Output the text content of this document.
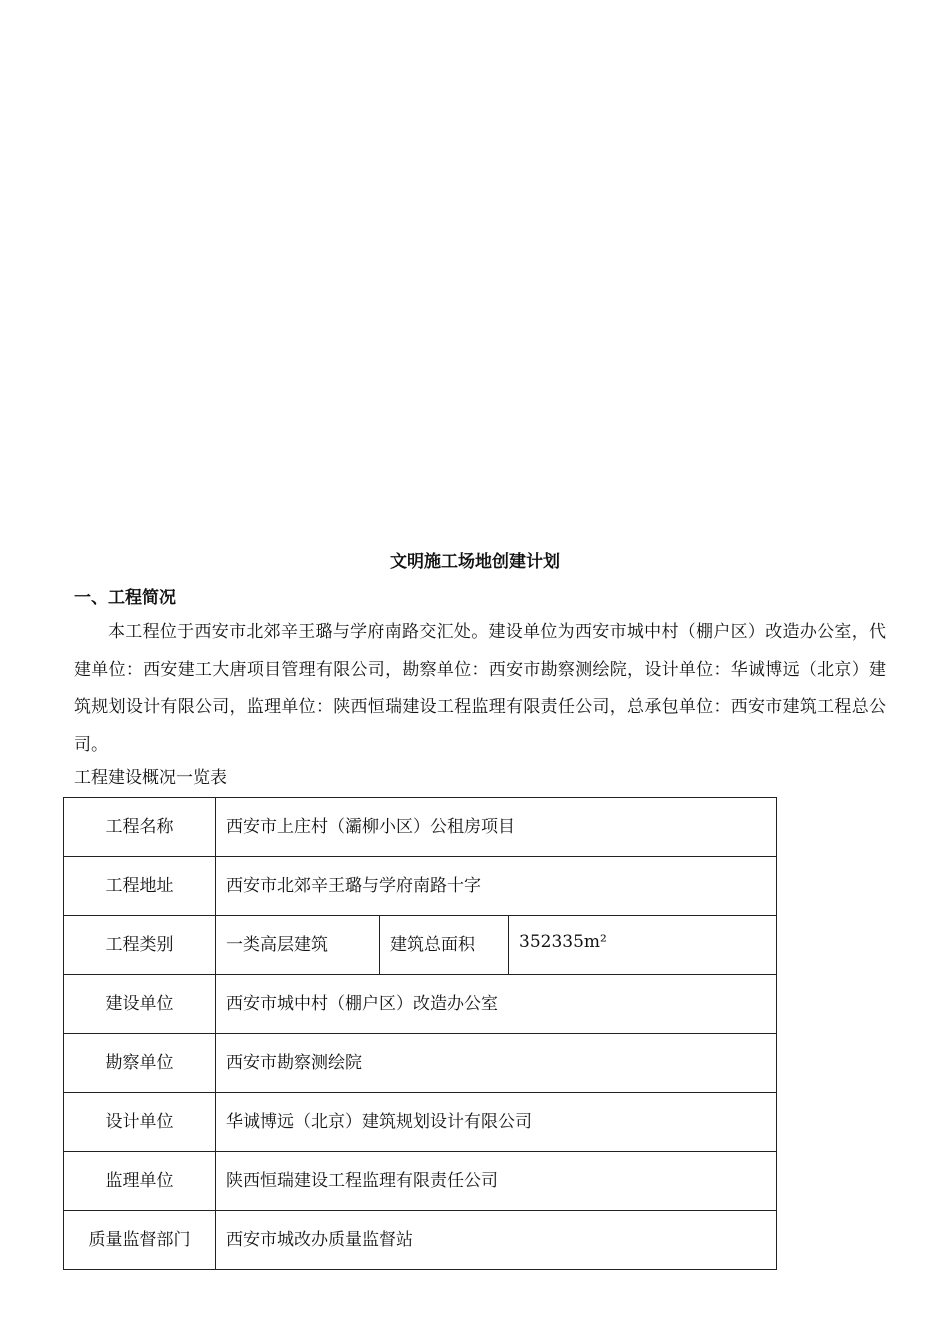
文明施工场地创建计划
一、工程简况

本工程位于西安市北郊辛王璐与学府南路交汇处。建设单位为西安市城中村（棚户区）改造办公室，代建单位：西安建工大唐项目管理有限公司，勘察单位：西安市勘察测绘院，设计单位：华诚博远（北京）建筑规划设计有限公司，监理单位：陕西恒瑞建设工程监理有限责任公司，总承包单位：西安市建筑工程总公司。

工程建设概况一览表
工程名称	西安市上庄村（灞柳小区）公租房项目		
工程地址	西安市北郊辛王璐与学府南路十字		
工程类别	一类高层建筑	建筑总面积	352335m²
建设单位	西安市城中村（棚户区）改造办公室		
勘察单位	西安市勘察测绘院		
设计单位	华诚博远（北京）建筑规划设计有限公司		
监理单位	陕西恒瑞建设工程监理有限责任公司		
质量监督部门	西安市城改办质量监督站		
